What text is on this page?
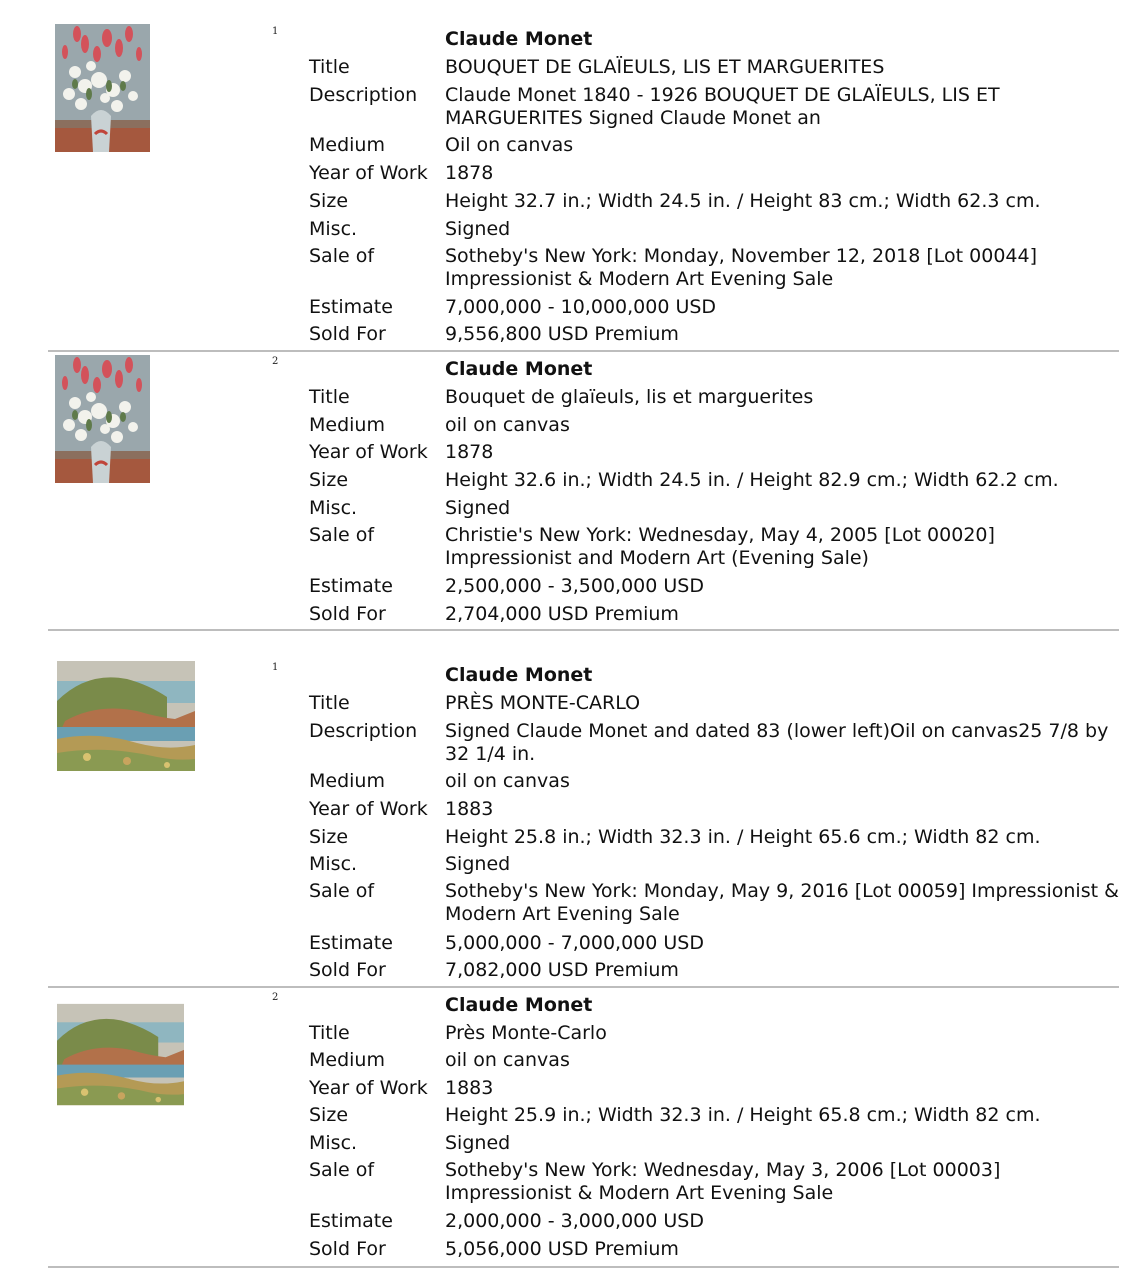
1	Claude Monet
Title	BOUQUET DE GLAÏEULS, LIS ET MARGUERITES
Description Claude Monet 1840 - 1926 BOUQUET DE GLAÏEULS, LIS ET MARGUERITES Signed Claude Monet an
Medium	Oil on canvas
Year of Work 1878
Size	Height 32.7 in.; Width 24.5 in. / Height 83 cm.; Width 62.3 cm.
Misc.	Signed
Sale of	Sotheby's New York: Monday, November 12, 2018 [Lot 00044] Impressionist & Modern Art Evening Sale
Estimate	7,000,000 - 10,000,000 USD
Sold For	9,556,800 USD Premium
2	Claude Monet
Title	Bouquet de glaïeuls, lis et marguerites
Medium	oil on canvas
Year of Work 1878
Size	Height 32.6 in.; Width 24.5 in. / Height 82.9 cm.; Width 62.2 cm.
Misc.	Signed
Sale of	Christie's New York: Wednesday, May 4, 2005 [Lot 00020] Impressionist and Modern Art (Evening Sale)
Estimate	2,500,000 - 3,500,000 USD
Sold For	2,704,000 USD Premium
1	Claude Monet
Title	PRÈS MONTE-CARLO
Description Signed Claude Monet and dated 83 (lower left)Oil on canvas25 7/8 by 32 1/4 in.
Medium	oil on canvas
Year of Work 1883
Size	Height 25.8 in.; Width 32.3 in. / Height 65.6 cm.; Width 82 cm.
Misc.	Signed
Sale of	Sotheby's New York: Monday, May 9, 2016 [Lot 00059] Impressionist & Modern Art Evening Sale
Estimate	5,000,000 - 7,000,000 USD
Sold For	7,082,000 USD Premium
2	Claude Monet
Title	Près Monte-Carlo
Medium	oil on canvas
Year of Work 1883
Size	Height 25.9 in.; Width 32.3 in. / Height 65.8 cm.; Width 82 cm.
Misc.	Signed
Sale of	Sotheby's New York: Wednesday, May 3, 2006 [Lot 00003] Impressionist & Modern Art Evening Sale
Estimate	2,000,000 - 3,000,000 USD
Sold For	5,056,000 USD Premium
